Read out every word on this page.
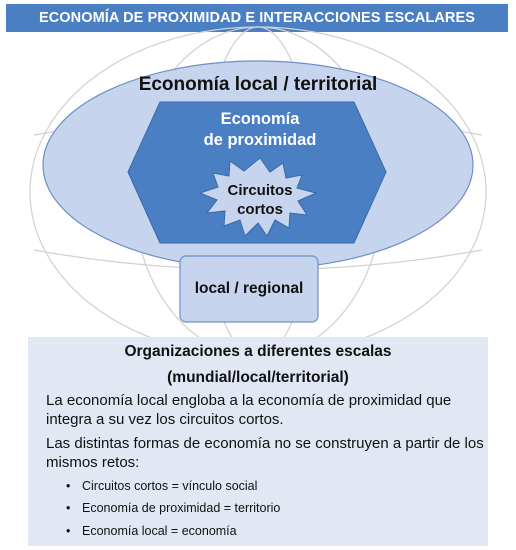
ECONOMÍA DE PROXIMIDAD E INTERACCIONES ESCALARES
Economía local / territorial
Economía
de proximidad
Circuitos
cortos
local / regional
Organizaciones a diferentes escalas
(mundial/local/territorial)
La economía local engloba a la economía de proximidad que integra a su vez los circuitos cortos.
Las distintas formas de economía no se construyen a partir de los mismos retos:
• Circuitos cortos = vínculo social
• Economía de proximidad = territorio
• Economía local = economía
